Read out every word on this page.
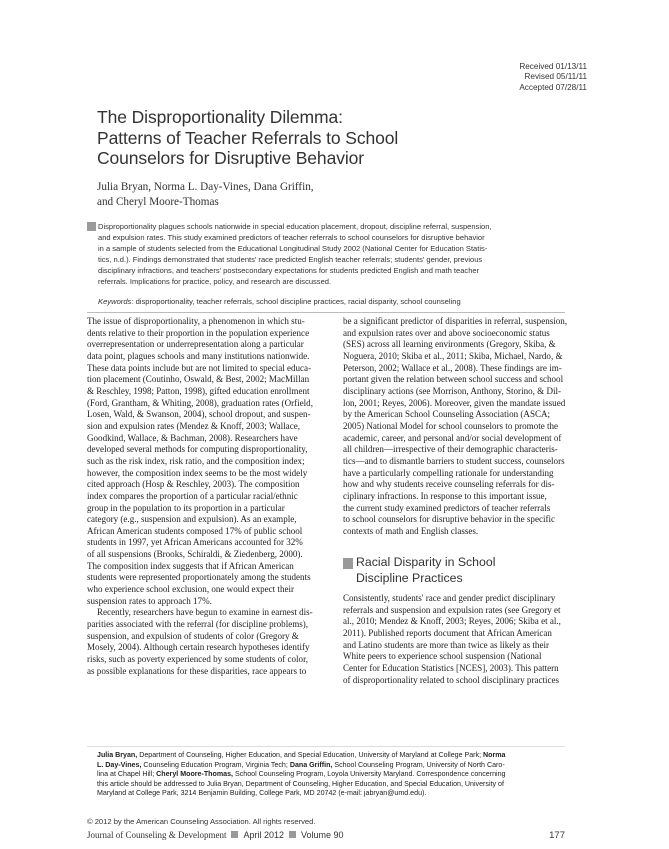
Received 01/13/11
Revised 05/11/11
Accepted 07/28/11
The Disproportionality Dilemma:
Patterns of Teacher Referrals to School
Counselors for Disruptive Behavior
Julia Bryan, Norma L. Day-Vines, Dana Griffin,
and Cheryl Moore-Thomas
Disproportionality plagues schools nationwide in special education placement, dropout, discipline referral, suspension,
and expulsion rates. This study examined predictors of teacher referrals to school counselors for disruptive behavior
in a sample of students selected from the Educational Longitudinal Study 2002 (National Center for Education Statis-
tics, n.d.). Findings demonstrated that students' race predicted English teacher referrals; students' gender, previous
disciplinary infractions, and teachers' postsecondary expectations for students predicted English and math teacher
referrals. Implications for practice, policy, and research are discussed.
Keywords: disproportionality, teacher referrals, school discipline practices, racial disparity, school counseling
The issue of disproportionality, a phenomenon in which stu-
dents relative to their proportion in the population experience
overrepresentation or underrepresentation along a particular
data point, plagues schools and many institutions nationwide.
These data points include but are not limited to special educa-
tion placement (Coutinho, Oswald, & Best, 2002; MacMillan
& Reschley, 1998; Patton, 1998), gifted education enrollment
(Ford, Grantham, & Whiting, 2008), graduation rates (Orfield,
Losen, Wald, & Swanson, 2004), school dropout, and suspen-
sion and expulsion rates (Mendez & Knoff, 2003; Wallace,
Goodkind, Wallace, & Bachman, 2008). Researchers have
developed several methods for computing disproportionality,
such as the risk index, risk ratio, and the composition index;
however, the composition index seems to be the most widely
cited approach (Hosp & Reschley, 2003). The composition
index compares the proportion of a particular racial/ethnic
group in the population to its proportion in a particular
category (e.g., suspension and expulsion). As an example,
African American students composed 17% of public school
students in 1997, yet African Americans accounted for 32%
of all suspensions (Brooks, Schiraldi, & Ziedenberg, 2000).
The composition index suggests that if African American
students were represented proportionately among the students
who experience school exclusion, one would expect their
suspension rates to approach 17%.
Recently, researchers have begun to examine in earnest dis-
parities associated with the referral (for discipline problems),
suspension, and expulsion of students of color (Gregory &
Mosely, 2004). Although certain research hypotheses identify
risks, such as poverty experienced by some students of color,
as possible explanations for these disparities, race appears to
be a significant predictor of disparities in referral, suspension,
and expulsion rates over and above socioeconomic status
(SES) across all learning environments (Gregory, Skiba, &
Noguera, 2010; Skiba et al., 2011; Skiba, Michael, Nardo, &
Peterson, 2002; Wallace et al., 2008). These findings are im-
portant given the relation between school success and school
disciplinary actions (see Morrison, Anthony, Storino, & Dil-
lon, 2001; Reyes, 2006). Moreover, given the mandate issued
by the American School Counseling Association (ASCA;
2005) National Model for school counselors to promote the
academic, career, and personal and/or social development of
all children—irrespective of their demographic characteris-
tics—and to dismantle barriers to student success, counselors
have a particularly compelling rationale for understanding
how and why students receive counseling referrals for dis-
ciplinary infractions. In response to this important issue,
the current study examined predictors of teacher referrals
to school counselors for disruptive behavior in the specific
contexts of math and English classes.
Racial Disparity in School
Discipline Practices
Consistently, students' race and gender predict disciplinary
referrals and suspension and expulsion rates (see Gregory et
al., 2010; Mendez & Knoff, 2003; Reyes, 2006; Skiba et al.,
2011). Published reports document that African American
and Latino students are more than twice as likely as their
White peers to experience school suspension (National
Center for Education Statistics [NCES], 2003). This pattern
of disproportionality related to school disciplinary practices
Julia Bryan, Department of Counseling, Higher Education, and Special Education, University of Maryland at College Park; Norma
L. Day-Vines, Counseling Education Program, Virginia Tech; Dana Griffin, School Counseling Program, University of North Caro-
lina at Chapel Hill; Cheryl Moore-Thomas, School Counseling Program, Loyola University Maryland. Correspondence concerning
this article should be addressed to Julia Bryan, Department of Counseling, Higher Education, and Special Education, University of
Maryland at College Park, 3214 Benjamin Building, College Park, MD 20742 (e-mail: jabryan@umd.edu).
© 2012 by the American Counseling Association. All rights reserved.
Journal of Counseling & Development April 2012 Volume 90	177
